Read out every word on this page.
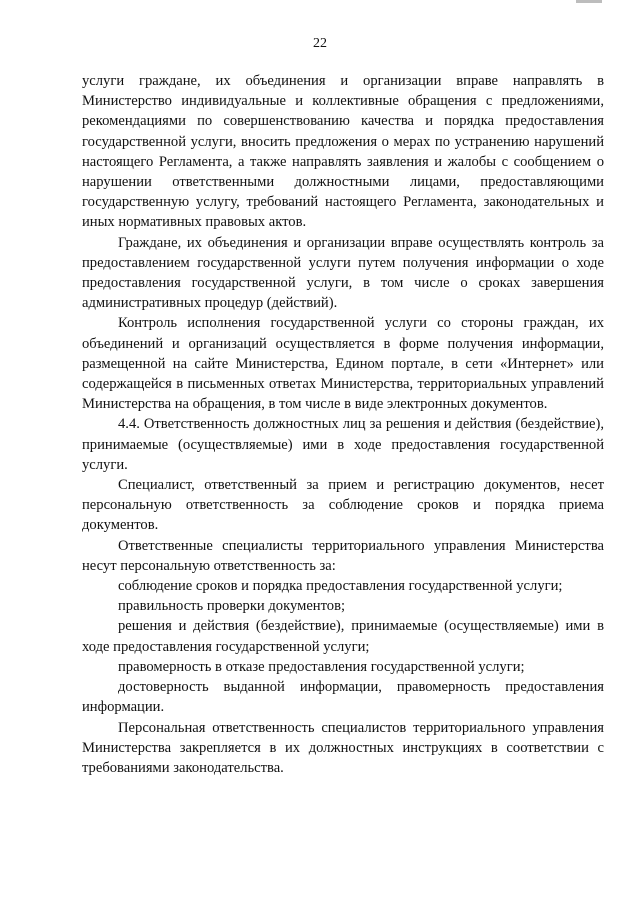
22

услуги граждане, их объединения и организации вправе направлять в Министерство индивидуальные и коллективные обращения с предложениями, рекомендациями по совершенствованию качества и порядка предоставления государственной услуги, вносить предложения о мерах по устранению нарушений настоящего Регламента, а также направлять заявления и жалобы с сообщением о нарушении ответственными должностными лицами, предоставляющими государственную услугу, требований настоящего Регламента, законодательных и иных нормативных правовых актов.

Граждане, их объединения и организации вправе осуществлять контроль за предоставлением государственной услуги путем получения информации о ходе предоставления государственной услуги, в том числе о сроках завершения административных процедур (действий).

Контроль исполнения государственной услуги со стороны граждан, их объединений и организаций осуществляется в форме получения информации, размещенной на сайте Министерства, Едином портале, в сети «Интернет» или содержащейся в письменных ответах Министерства, территориальных управлений Министерства на обращения, в том числе в виде электронных документов.

4.4. Ответственность должностных лиц за решения и действия (бездействие), принимаемые (осуществляемые) ими в ходе предоставления государственной услуги.

Специалист, ответственный за прием и регистрацию документов, несет персональную ответственность за соблюдение сроков и порядка приема документов.

Ответственные специалисты территориального управления Министерства несут персональную ответственность за:

соблюдение сроков и порядка предоставления государственной услуги;

правильность проверки документов;

решения и действия (бездействие), принимаемые (осуществляемые) ими в ходе предоставления государственной услуги;

правомерность в отказе предоставления государственной услуги;

достоверность выданной информации, правомерность предоставления информации.

Персональная ответственность специалистов территориального управления Министерства закрепляется в их должностных инструкциях в соответствии с требованиями законодательства.
